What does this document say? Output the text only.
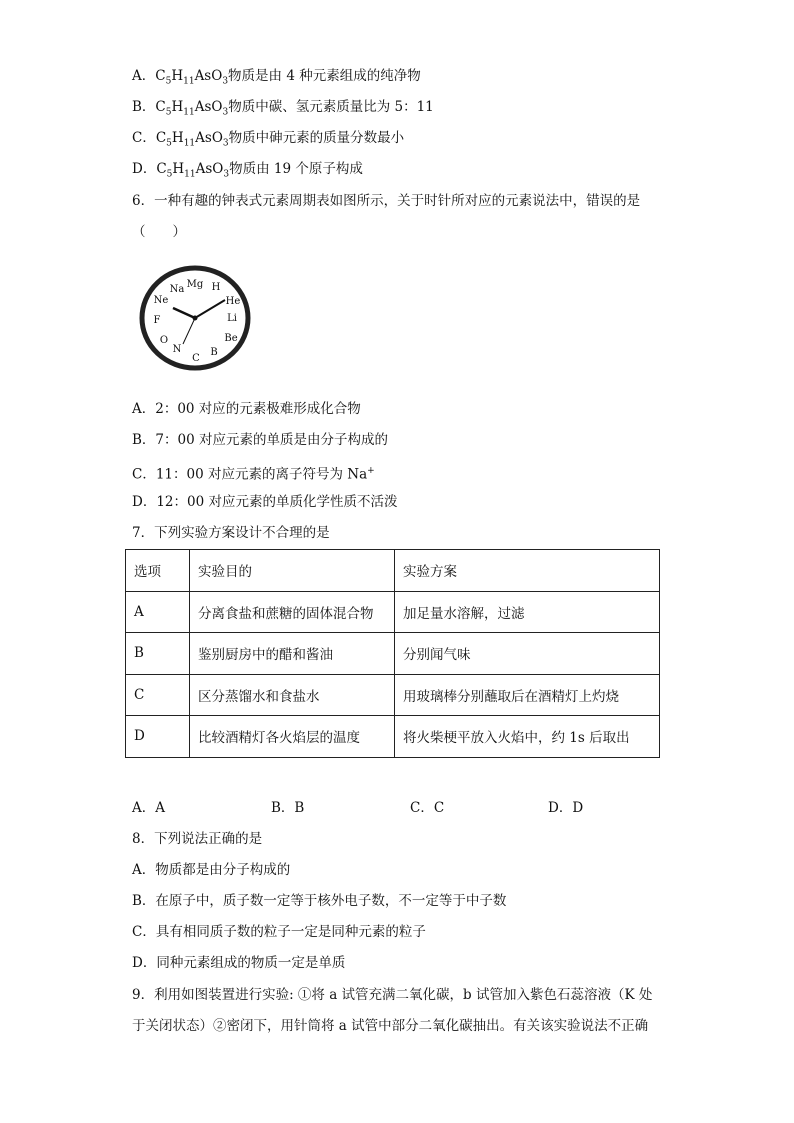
A．$C_5H_{11}AsO_3$物质是由 4 种元素组成的纯净物
B．$C_5H_{11}AsO_3$物质中碳、氢元素质量比为 5：11
C．$C_5H_{11}AsO_3$物质中砷元素的质量分数最小
D．$C_5H_{11}AsO_3$物质由 19 个原子构成
6．一种有趣的钟表式元素周期表如图所示，关于时针所对应的元素说法中，错误的是
（　　）
H
He
Li
Be
B
C
N
O
F
Ne
Na Mg
A．2：00 对应的元素极难形成化合物
B．7：00 对应元素的单质是由分子构成的
C．11：00 对应元素的离子符号为 Na+
D．12：00 对应元素的单质化学性质不活泼
7．下列实验方案设计不合理的是
选项	实验目的	实验方案
A	分离食盐和蔗糖的固体混合物	加足量水溶解，过滤
B	鉴别厨房中的醋和酱油	分别闻气味
C	区分蒸馏水和食盐水	用玻璃棒分别蘸取后在酒精灯上灼烧
D	比较酒精灯各火焰层的温度	将火柴梗平放入火焰中，约 1s 后取出
A．A	B．B	C．C	D．D
8．下列说法正确的是
A．物质都是由分子构成的
B．在原子中，质子数一定等于核外电子数，不一定等于中子数
C．具有相同质子数的粒子一定是同种元素的粒子
D．同种元素组成的物质一定是单质
9．利用如图装置进行实验: ①将 a 试管充满二氧化碳，b 试管加入紫色石蕊溶液（K 处
于关闭状态）②密闭下，用针筒将 a 试管中部分二氧化碳抽出。有关该实验说法不正确
